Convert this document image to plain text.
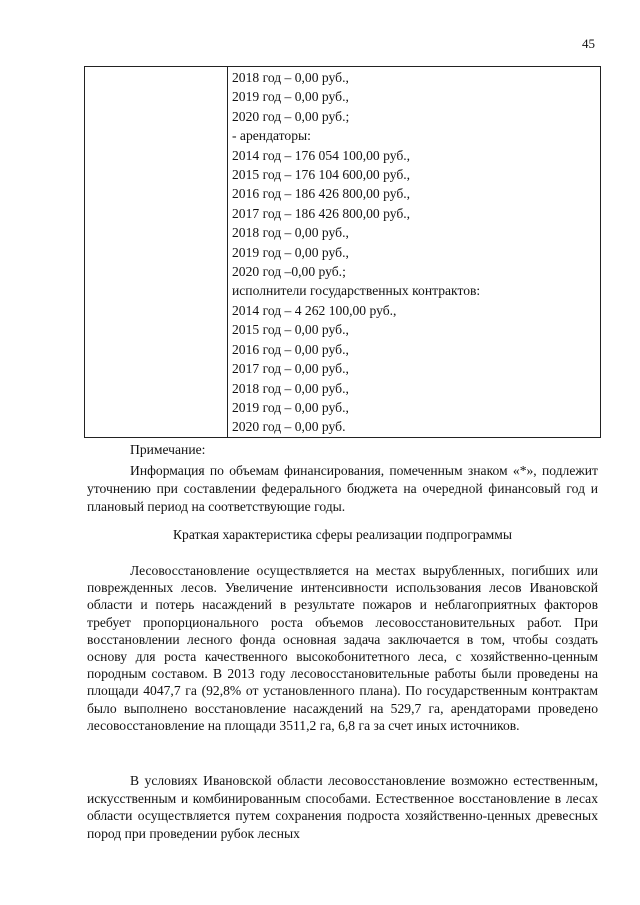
45
2018 год – 0,00 руб.,
2019 год – 0,00 руб.,
2020 год – 0,00 руб.;
- арендаторы:
2014 год – 176 054 100,00 руб.,
2015 год – 176 104 600,00 руб.,
2016 год – 186 426 800,00 руб.,
2017 год – 186 426 800,00 руб.,
2018 год – 0,00 руб.,
2019 год – 0,00 руб.,
2020 год –0,00 руб.;
исполнители государственных контрактов:
2014 год – 4 262 100,00 руб.,
2015 год – 0,00 руб.,
2016 год – 0,00 руб.,
2017 год – 0,00 руб.,
2018 год – 0,00 руб.,
2019 год – 0,00 руб.,
2020 год – 0,00 руб.
Примечание:
Информация по объемам финансирования, помеченным знаком «*», подлежит уточнению при составлении федерального бюджета на очередной финансовый год и плановый период на соответствующие годы.
Краткая характеристика сферы реализации подпрограммы
Лесовосстановление осуществляется на местах вырубленных, погибших или поврежденных лесов. Увеличение интенсивности использования лесов Ивановской области и потерь насаждений в результате пожаров и неблагоприятных факторов требует пропорционального роста объемов лесовосстановительных работ. При восстановлении лесного фонда основная задача заключается в том, чтобы создать основу для роста качественного высокобонитетного леса, с хозяйственно-ценным породным составом. В 2013 году лесовосстановительные работы были проведены на площади 4047,7 га (92,8% от установленного плана). По государственным контрактам было выполнено восстановление насаждений на 529,7 га, арендаторами проведено лесовосстановление на площади 3511,2 га, 6,8 га за счет иных источников.
В условиях Ивановской области лесовосстановление возможно естественным, искусственным и комбинированным способами. Естественное восстановление в лесах области осуществляется путем сохранения подроста хозяйственно-ценных древесных пород при проведении рубок лесных
